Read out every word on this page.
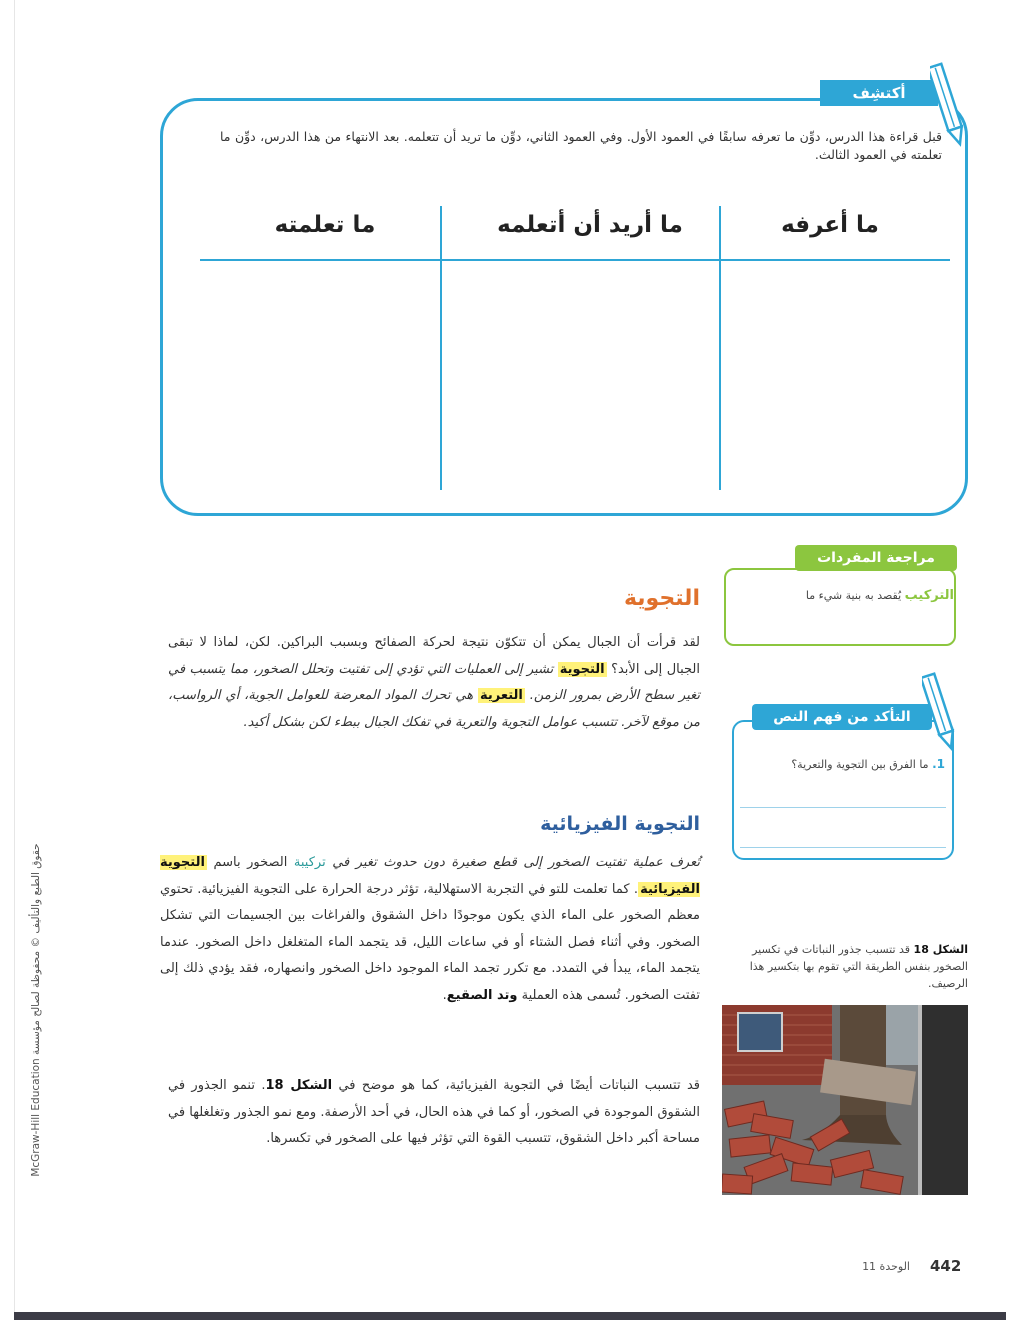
أكتشِف
قبل قراءة هذا الدرس، دوِّن ما تعرفه سابقًا في العمود الأول. وفي العمود الثاني، دوِّن ما تريد أن تتعلمه. بعد الانتهاء من هذا الدرس، دوِّن ما تعلمته في العمود الثالث.
ما أعرفه
ما أريد أن أتعلمه
ما تعلمته
مراجعة المفردات
التركيب يُقصد به بنية شيء ما
التأكد من فهم النص
1. ما الفرق بين التجوية والتعرية؟
التجوية
لقد قرأت أن الجبال يمكن أن تتكوّن نتيجة لحركة الصفائح وبسبب البراكين. لكن، لماذا لا تبقى الجبال إلى الأبد؟ التجوية تشير إلى العمليات التي تؤدي إلى تفتيت وتحلل الصخور، مما يتسبب في تغير سطح الأرض بمرور الزمن. التعرية هي تحرك المواد المعرضة للعوامل الجوية، أي الرواسب، من موقع لآخر. تتسبب عوامل التجوية والتعرية في تفكك الجبال ببطء لكن بشكل أكيد.
التجوية الفيزيائية
تُعرف عملية تفتيت الصخور إلى قطع صغيرة دون حدوث تغير في تركيبة الصخور باسم التجوية الفيزيائية. كما تعلمت للتو في التجربة الاستهلالية، تؤثر درجة الحرارة على التجوية الفيزيائية. تحتوي معظم الصخور على الماء الذي يكون موجودًا داخل الشقوق والفراغات بين الجسيمات التي تشكل الصخور. وفي أثناء فصل الشتاء أو في ساعات الليل، قد يتجمد الماء المتغلغل داخل الصخور. عندما يتجمد الماء، يبدأ في التمدد. مع تكرر تجمد الماء الموجود داخل الصخور وانصهاره، فقد يؤدي ذلك إلى تفتت الصخور. تُسمى هذه العملية وتد الصقيع.
قد تتسبب النباتات أيضًا في التجوية الفيزيائية، كما هو موضح في الشكل 18. تنمو الجذور في الشقوق الموجودة في الصخور، أو كما في هذه الحال، في أحد الأرصفة. ومع نمو الجذور وتغلغلها في مساحة أكبر داخل الشقوق، تتسبب القوة التي تؤثر فيها على الصخور في تكسرها.
الشكل 18 قد تتسبب جذور النباتات في تكسير الصخور بنفس الطريقة التي تقوم بها بتكسير هذا الرصيف.
حقوق الطبع والتأليف © محفوظة لصالح مؤسسة McGraw-Hill Education
الوحدة 11 442
